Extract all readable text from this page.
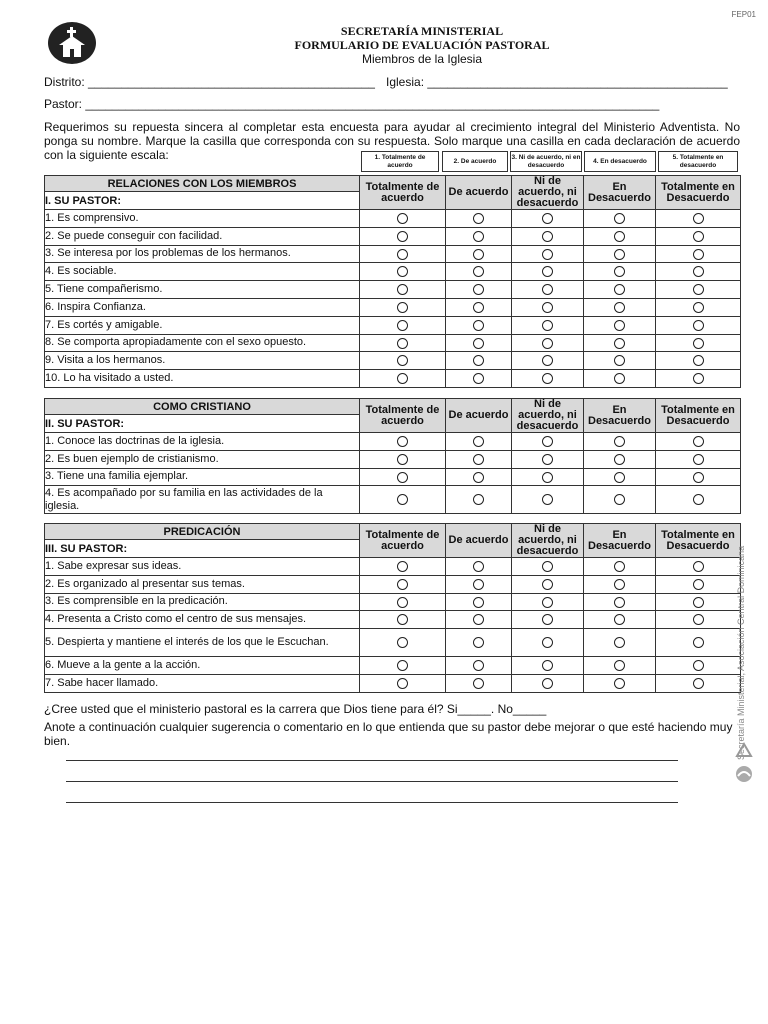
FEP01
SECRETARÍA MINISTERIAL
FORMULARIO DE EVALUACIÓN PASTORAL
Miembros de la Iglesia
Distrito: ___________________________________________ Iglesia: _____________________________________________
Pastor: ______________________________________________________________________________________
Requerimos su repuesta sincera al completar esta encuesta para ayudar al crecimiento integral del Ministerio Adventista. No ponga su nombre. Marque la casilla que corresponda con su respuesta. Solo marque una casilla en cada declaración de acuerdo con la siguiente escala:	1. Totalmente de acuerdo
2. De acuerdo
3. Ni de acuerdo, ni en desacuerdo
4. En desacuerdo
5. Totalmente en desacuerdo
RELACIONES CON LOS MIEMBROS	Totalmente de acuerdo	De acuerdo	Ni de acuerdo, ni desacuerdo	En Desacuerdo	Totalmente en Desacuerdo
I. SU PASTOR:					
1. Es comprensivo.					
2. Se puede conseguir con facilidad.					
3. Se interesa por los problemas de los hermanos.					
4. Es sociable.					
5. Tiene compañerismo.					
6. Inspira Confianza.					
7. Es cortés y amigable.					
8. Se comporta apropiadamente con el sexo opuesto.					
9. Visita a los hermanos.					
10. Lo ha visitado a usted.					
COMO CRISTIANO	Totalmente de acuerdo	De acuerdo	Ni de acuerdo, ni desacuerdo	En Desacuerdo	Totalmente en Desacuerdo
II. SU PASTOR:					
1. Conoce las doctrinas de la iglesia.					
2. Es buen ejemplo de cristianismo.					
3. Tiene una familia ejemplar.					
4. Es acompañado por su familia en las actividades de la iglesia.					
PREDICACIÓN	Totalmente de acuerdo	De acuerdo	Ni de acuerdo, ni desacuerdo	En Desacuerdo	Totalmente en Desacuerdo
III. SU PASTOR:					
1. Sabe expresar sus ideas.					
2. Es organizado al presentar sus temas.					
3. Es comprensible en la predicación.					
4. Presenta a Cristo como el centro de sus mensajes.					
5. Despierta y mantiene el interés de los que le Escuchan.					
6. Mueve a la gente a la acción.					
7. Sabe hacer llamado.					
¿Cree usted que el ministerio pastoral es la carrera que Dios tiene para él? Si_____. No_____
Anote a continuación cualquier sugerencia o comentario en lo que entienda que su pastor debe mejorar o que esté haciendo muy bien.	Secretaría Ministerial, Asociación Central Dominicana
